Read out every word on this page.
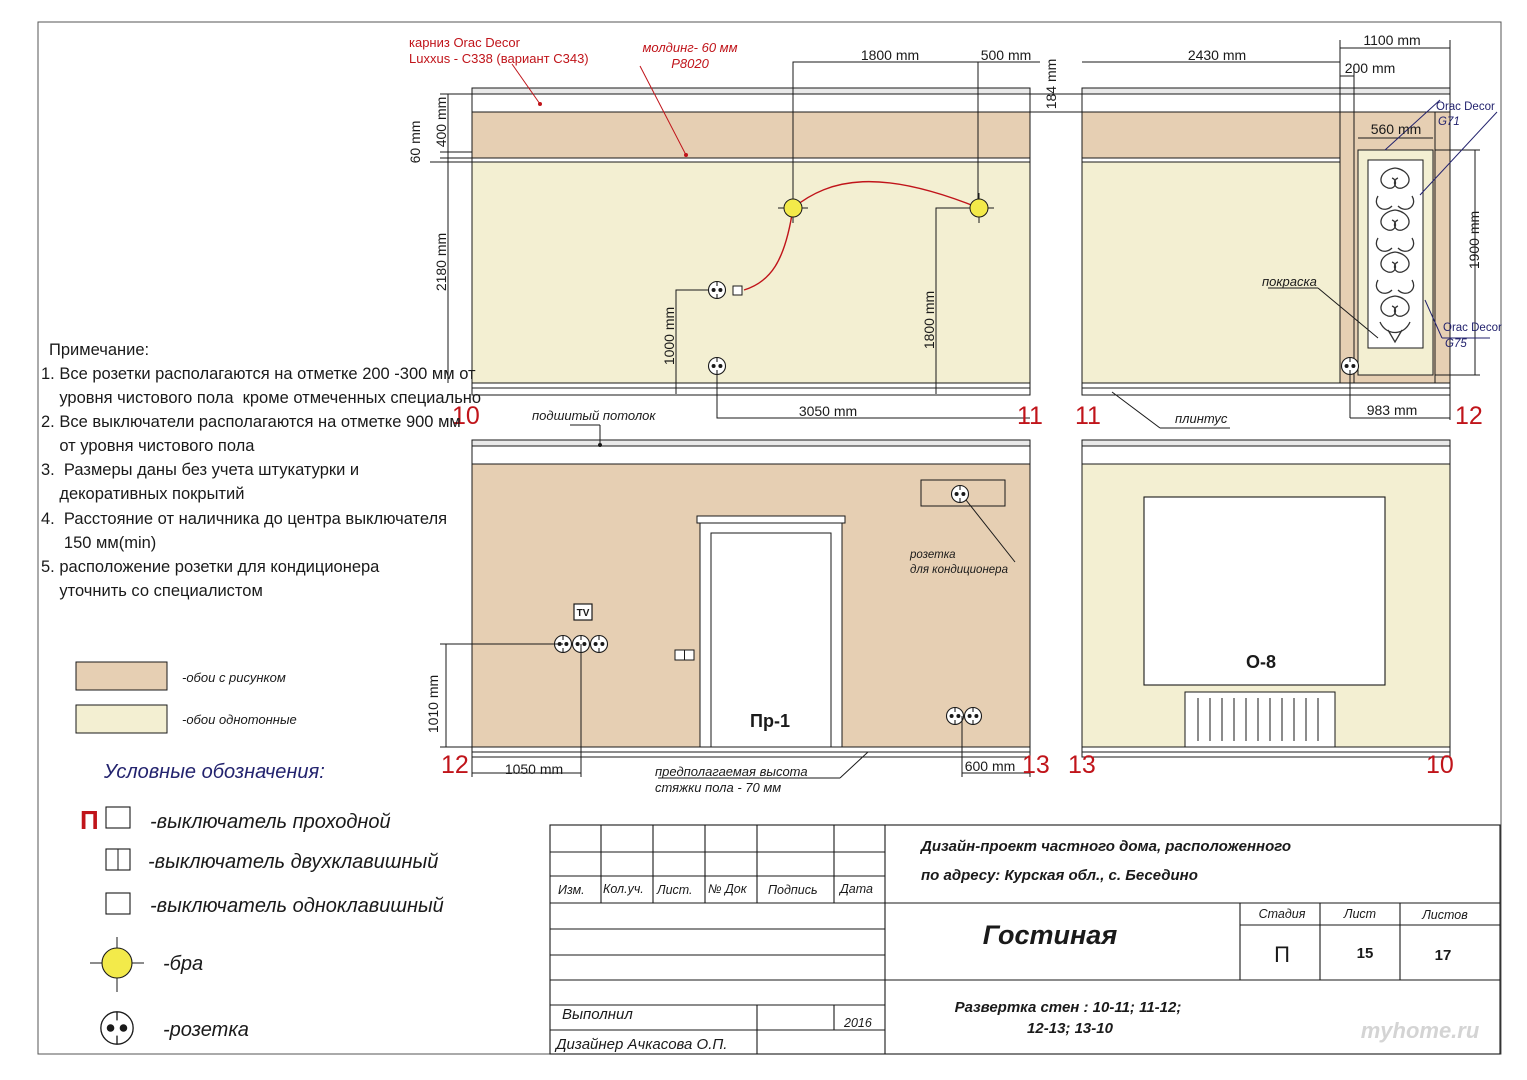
карниз Orac Decor
Luxxus - C338 (вариант С343)
молдинг- 60 мм
P8020
Orac Decor
G71
Orac Decor
G75
1800 mm	500 mm	2430 mm
1100 mm
200 mm
560 mm
3050 mm	983 mm
1050 mm	600 mm
184 mm
60 mm 400 mm
2180 mm
1000 mm	1800 mm
1900 mm
1010 mm
покраска
подшитый потолок	плинтус
розетка
для кондиционера
предполагаемая высота
стяжки пола - 70 мм
TV
Пр-1
О-8
10	11 11	12
12	13 13	10
Примечание:
1. Все розетки располагаются на отметке 200 -300 мм от
уровня чистового пола  кроме отмеченных специально
2. Все выключатели располагаются на отметке 900 мм
от уровня чистового пола
3.  Размеры даны без учета штукатурки и
декоративных покрытий
4.  Расстояние от наличника до центра выключателя
150 мм(min)
5. расположение розетки для кондиционера
уточнить со специалистом
-обои с рисунком
-обои однотонные
Условные обозначения:
П	-выключатель проходной
-выключатель двухклавишный
-выключатель одноклавишный
-бра
-розетка
Изм. Кол.уч. Лист. № Док Подпись Дата
Дизайн-проект частного дома, расположенного
по адресу: Курская обл., с. Беседино
Гостиная
Стадия	Лист	Листов
П	15	17
Выполнил	2016
Дизайнер Ачкасова О.П.
Развертка стен : 10-11; 11-12;
12-13; 13-10	myhome.ru
